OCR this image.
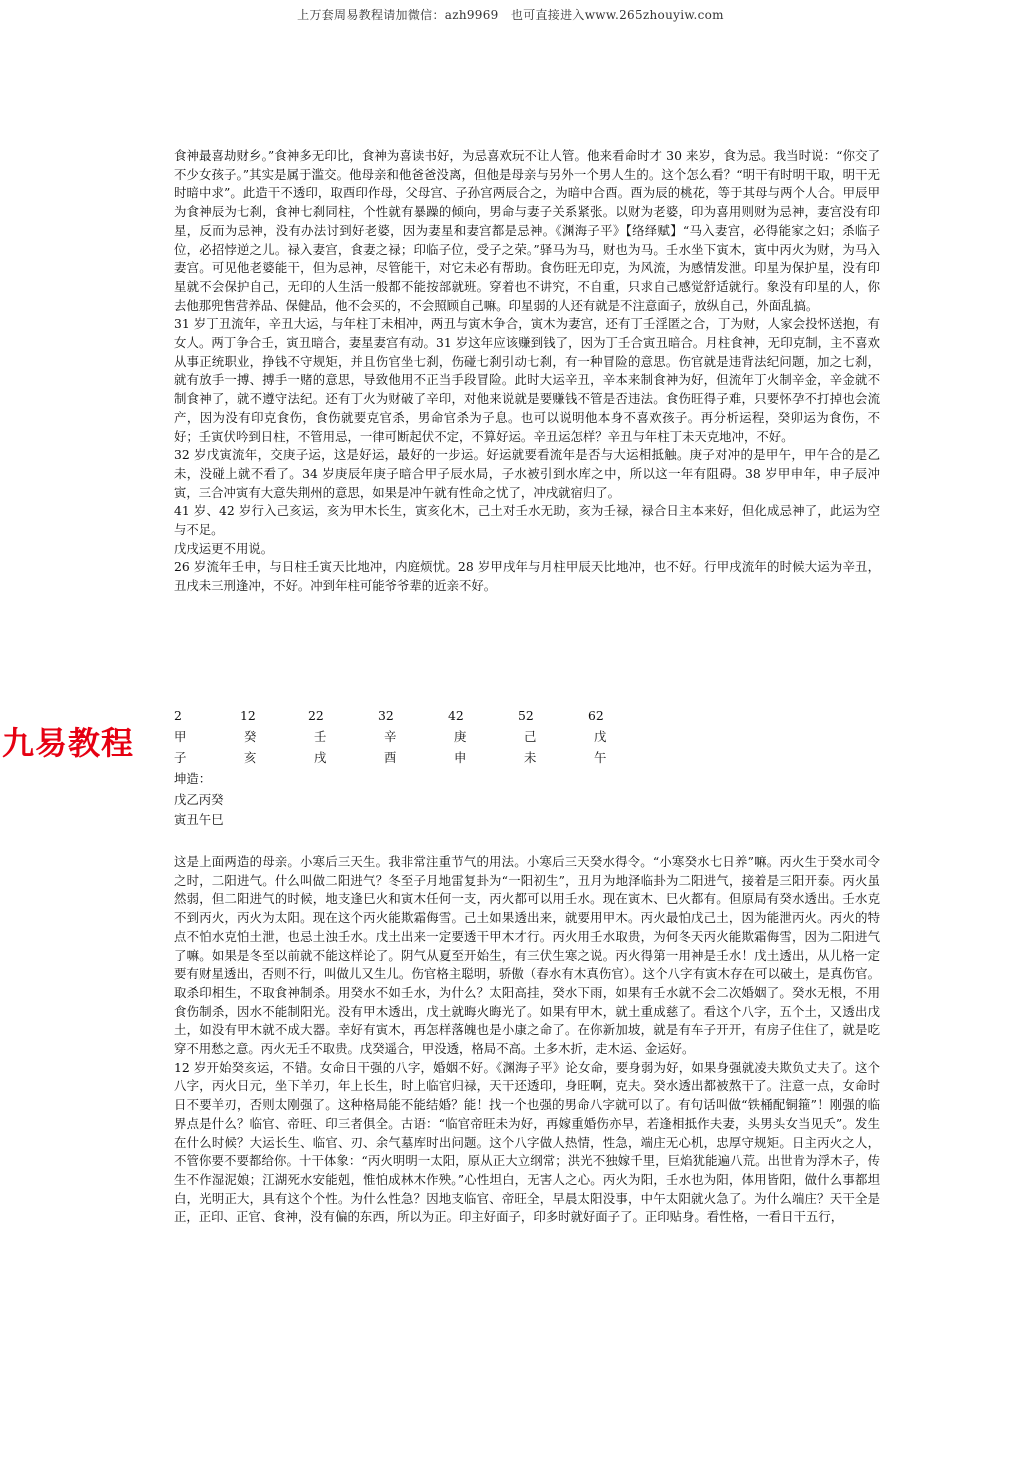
上万套周易教程请加微信：azh9969　也可直接进入www.265zhouyiw.com

食神最喜劫财乡。”食神多无印比，食神为喜读书好，为忌喜欢玩不让人管。他来看命时才 30 来岁，食为忌。我当时说：“你交了不少女孩子。”其实是属于滥交。他母亲和他爸爸没离，但他是母亲与另外一个男人生的。这个怎么看？“明干有时明干取，明干无时暗中求”。此造干不透印，取酉印作母，父母宫、子孙宫两辰合之，为暗中合酉。酉为辰的桃花，等于其母与两个人合。甲辰甲为食神辰为七刹，食神七刹同柱，个性就有暴躁的倾向，男命与妻子关系紧张。以财为老婆，印为喜用则财为忌神，妻宫没有印星，反而为忌神，没有办法讨到好老婆，因为妻星和妻宫都是忌神。《渊海子平》【络绎赋】“马入妻宫，必得能家之妇；杀临子位，必招悖逆之儿。禄入妻宫，食妻之禄；印临子位，受子之荣。”驿马为马，财也为马。壬水坐下寅木，寅中丙火为财，为马入妻宫。可见他老婆能干，但为忌神，尽管能干，对它未必有帮助。食伤旺无印克，为风流，为感情发泄。印星为保护星，没有印星就不会保护自己，无印的人生活一般都不能按部就班。穿着也不讲究，不自重，只求自己感觉舒适就行。象没有印星的人，你去他那兜售营养品、保健品，他不会买的，不会照顾自己嘛。印星弱的人还有就是不注意面子，放纵自己，外面乱搞。

31 岁丁丑流年，辛丑大运，与年柱丁未相冲，两丑与寅木争合，寅木为妻宫，还有丁壬淫匿之合，丁为财，人家会投怀送抱，有女人。两丁争合壬，寅丑暗合，妻星妻宫有动。31 岁这年应该赚到钱了，因为丁壬合寅丑暗合。月柱食神，无印克制，主不喜欢从事正统职业，挣钱不守规矩，并且伤官坐七刹，伤碰七刹引动七刹，有一种冒险的意思。伤官就是违背法纪问题，加之七刹，就有放手一搏、搏手一赌的意思，导致他用不正当手段冒险。此时大运辛丑，辛本来制食神为好，但流年丁火制辛金，辛金就不制食神了，就不遵守法纪。还有丁火为财破了辛印，对他来说就是要赚钱不管是否违法。食伤旺得子难，只要怀孕不打掉也会流产，因为没有印克食伤，食伤就要克官杀，男命官杀为子息。也可以说明他本身不喜欢孩子。再分析运程，癸卯运为食伤，不好；壬寅伏吟到日柱，不管用忌，一律可断起伏不定，不算好运。辛丑运怎样？辛丑与年柱丁未天克地冲，不好。

32 岁戊寅流年，交庚子运，这是好运，最好的一步运。好运就要看流年是否与大运相抵触。庚子对冲的是甲午，甲午合的是乙未，没碰上就不看了。34 岁庚辰年庚子暗合甲子辰水局，子水被引到水库之中，所以这一年有阻碍。38 岁甲申年，申子辰冲寅，三合冲寅有大意失荆州的意思，如果是冲午就有性命之忧了，冲戌就宿归了。

41 岁、42 岁行入己亥运，亥为甲木长生，寅亥化木，己土对壬水无助，亥为壬禄，禄合日主本来好，但化成忌神了，此运为空与不足。

戊戌运更不用说。

26 岁流年壬申，与日柱壬寅天比地冲，内庭烦忧。28 岁甲戌年与月柱甲辰天比地冲，也不好。行甲戌流年的时候大运为辛丑，丑戌未三刑逢冲，不好。冲到年柱可能爷爷辈的近亲不好。

九易教程
2	12	22	32	42	52	62
甲	癸	壬	辛	庚	己	戊
子	亥	戌	酉	申	未	午
坤造：
戊乙丙癸
寅丑午巳

这是上面两造的母亲。小寒后三天生。我非常注重节气的用法。小寒后三天癸水得令。“小寒癸水七日养”嘛。丙火生于癸水司令之时，二阳进气。什么叫做二阳进气？冬至子月地雷复卦为“一阳初生”，丑月为地泽临卦为二阳进气，接着是三阳开泰。丙火虽然弱，但二阳进气的时候，地支逢巳火和寅木任何一支，丙火都可以用壬水。现在寅木、巳火都有。但原局有癸水透出。壬水克不到丙火，丙火为太阳。现在这个丙火能欺霜侮雪。己土如果透出来，就要用甲木。丙火最怕戊己土，因为能泄丙火。丙火的特点不怕水克怕土泄，也忌土浊壬水。戊土出来一定要透干甲木才行。丙火用壬水取贵，为何冬天丙火能欺霜侮雪，因为二阳进气了嘛。如果是冬至以前就不能这样论了。阴气从夏至开始生，有三伏生寒之说。丙火得第一用神是壬水！戊土透出，从儿格一定要有财星透出，否则不行，叫做儿又生儿。伤官格主聪明，骄傲（春水有木真伤官）。这个八字有寅木存在可以破土，是真伤官。取杀印相生，不取食神制杀。用癸水不如壬水，为什么？太阳高挂，癸水下雨，如果有壬水就不会二次婚姻了。癸水无根，不用食伤制杀，因水不能制阳光。没有甲木透出，戊土就晦火晦光了。如果有甲木，就土重成慈了。看这个八字，五个土，又透出戊土，如没有甲木就不成大器。幸好有寅木，再怎样落魄也是小康之命了。在你新加坡，就是有车子开开，有房子住住了，就是吃穿不用愁之意。丙火无壬不取贵。戊癸遥合，甲没透，格局不高。土多木折，走木运、金运好。

12 岁开始癸亥运，不错。女命日干强的八字，婚姻不好。《渊海子平》论女命，要身弱为好，如果身强就凌夫欺负丈夫了。这个八字，丙火日元，坐下羊刃，年上长生，时上临官归禄，天干还透印，身旺啊，克夫。癸水透出都被熬干了。注意一点，女命时日不要羊刃，否则太刚强了。这种格局能不能结婚？能！找一个也强的男命八字就可以了。有句话叫做“铁桶配铜箍”！刚强的临界点是什么？临官、帝旺、印三者俱全。古语：“临官帝旺未为好，再嫁重婚伤亦早，若逢相抵作夫妻，头男头女当见夭”。发生在什么时候？大运长生、临官、刃、余气墓库时出问题。这个八字做人热情，性急，端庄无心机，忠厚守规矩。日主丙火之人，不管你要不要都给你。十干体象：“丙火明明一太阳，原从正大立纲常；洪光不独嫁千里，巨焰犹能遍八荒。出世肯为浮木子，传生不作湿泥娘；江湖死水安能剋，惟怕成林木作殃。”心性坦白，无害人之心。丙火为阳，壬水也为阳，体用皆阳，做什么事都坦白，光明正大，具有这个个性。为什么性急？因地支临官、帝旺全，早晨太阳没事，中午太阳就火急了。为什么端庄？天干全是正，正印、正官、食神，没有偏的东西，所以为正。印主好面子，印多时就好面子了。正印贴身。看性格，一看日干五行，
